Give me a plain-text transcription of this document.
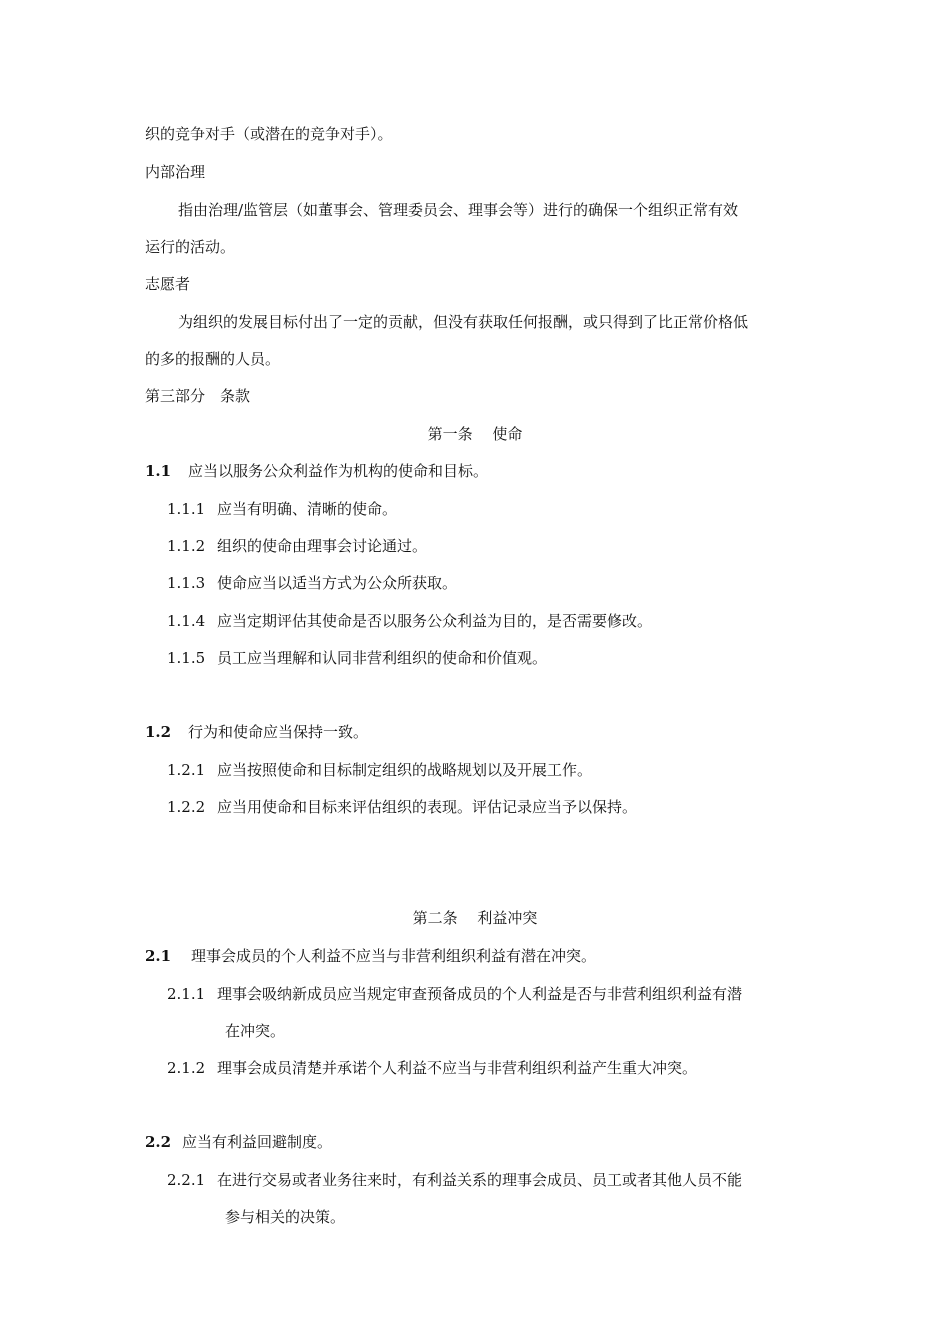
织的竞争对手（或潜在的竞争对手）。
内部治理
指由治理/监管层（如董事会、管理委员会、理事会等）进行的确保一个组织正常有效
运行的活动。
志愿者
为组织的发展目标付出了一定的贡献，但没有获取任何报酬，或只得到了比正常价格低
的多的报酬的人员。
第三部分　条款
第一条　 使命
1.1 应当以服务公众利益作为机构的使命和目标。
1.1.1 应当有明确、清晰的使命。
1.1.2 组织的使命由理事会讨论通过。
1.1.3 使命应当以适当方式为公众所获取。
1.1.4 应当定期评估其使命是否以服务公众利益为目的，是否需要修改。
1.1.5 员工应当理解和认同非营利组织的使命和价值观。
1.2 行为和使命应当保持一致。
1.2.1 应当按照使命和目标制定组织的战略规划以及开展工作。
1.2.2 应当用使命和目标来评估组织的表现。评估记录应当予以保持。
第二条　 利益冲突
2.1 理事会成员的个人利益不应当与非营利组织利益有潜在冲突。
2.1.1 理事会吸纳新成员应当规定审查预备成员的个人利益是否与非营利组织利益有潜
在冲突。
2.1.2 理事会成员清楚并承诺个人利益不应当与非营利组织利益产生重大冲突。
2.2 应当有利益回避制度。
2.2.1 在进行交易或者业务往来时，有利益关系的理事会成员、员工或者其他人员不能
参与相关的决策。
